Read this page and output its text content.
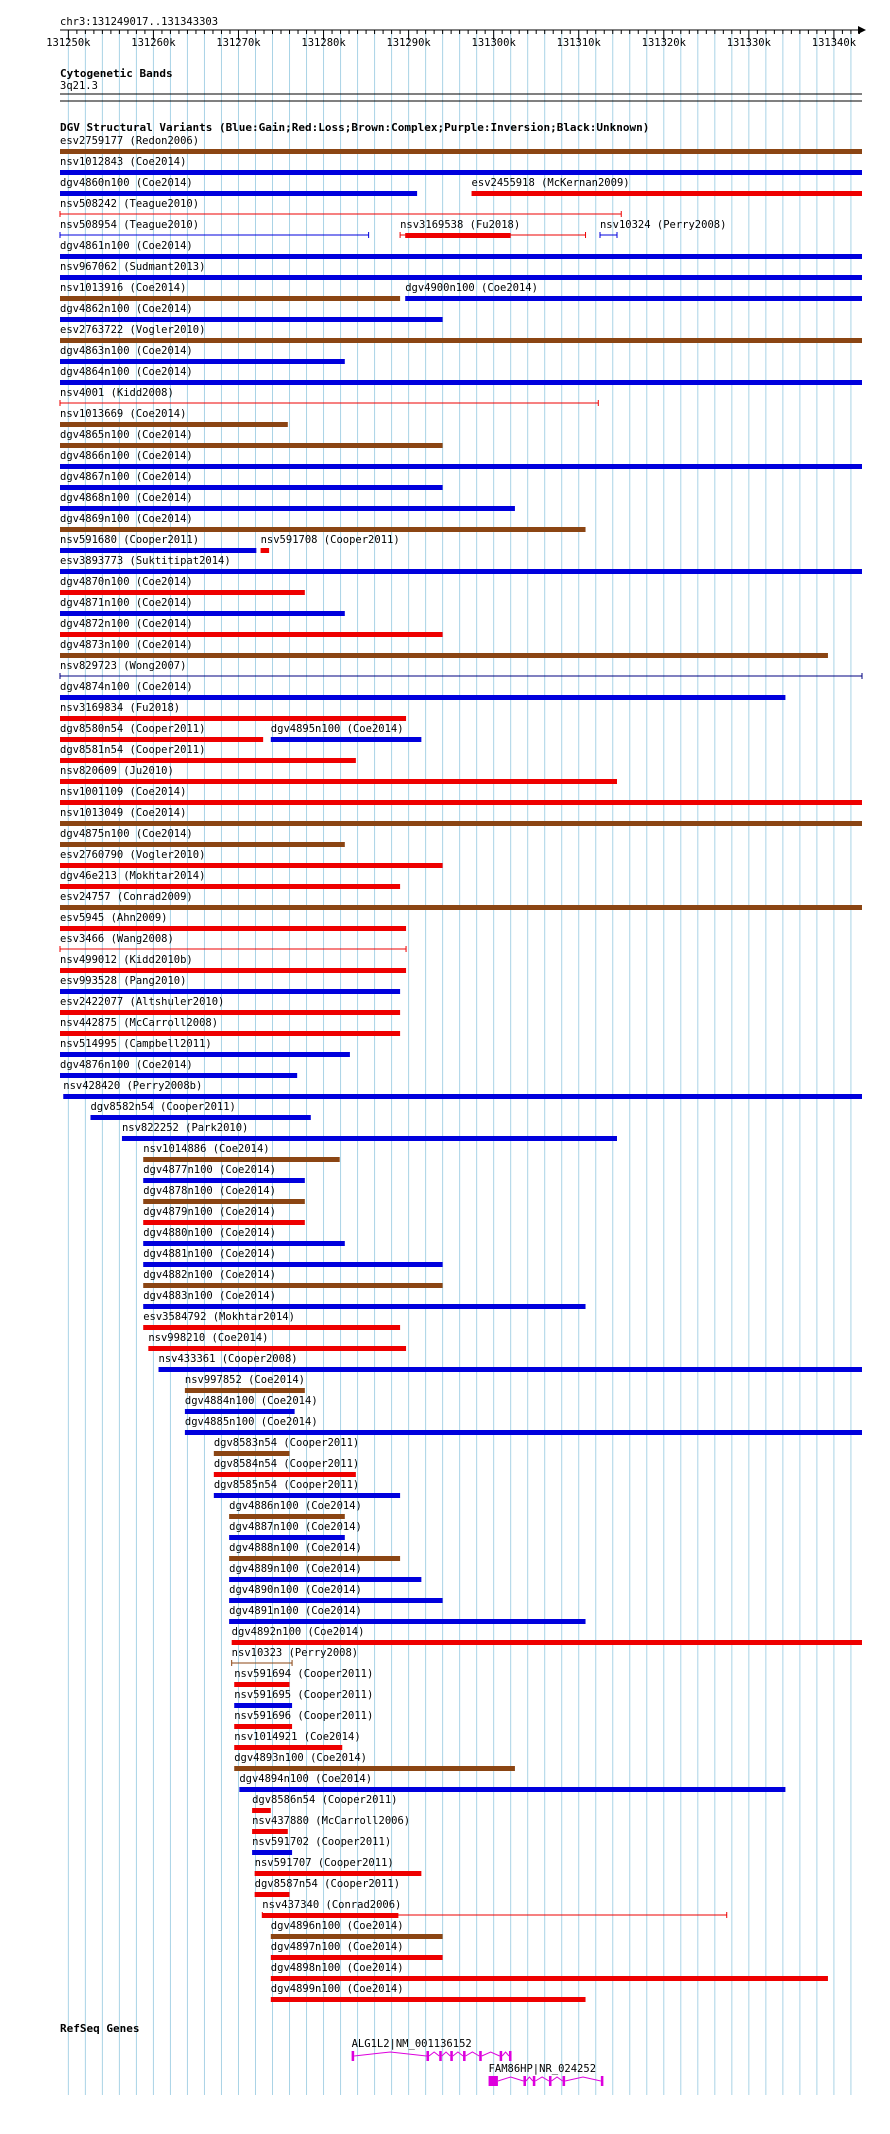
chr3:131249017..131343303
131250k	131260k	131270k	131280k	131290k	131300k	131310k	131320k	131330k	131340k
Cytogenetic Bands
3q21.3
DGV Structural Variants (Blue:Gain;Red:Loss;Brown:Complex;Purple:Inversion;Black:Unknown)
esv2759177 (Redon2006)
nsv1012843 (Coe2014)
dgv4860n100 (Coe2014)	esv2455918 (McKernan2009)
nsv508242 (Teague2010)
nsv508954 (Teague2010)	nsv3169538 (Fu2018)	nsv10324 (Perry2008)
dgv4861n100 (Coe2014)
nsv967062 (Sudmant2013)
nsv1013916 (Coe2014)	dgv4900n100 (Coe2014)
dgv4862n100 (Coe2014)
esv2763722 (Vogler2010)
dgv4863n100 (Coe2014)
dgv4864n100 (Coe2014)
nsv4001 (Kidd2008)
nsv1013669 (Coe2014)
dgv4865n100 (Coe2014)
dgv4866n100 (Coe2014)
dgv4867n100 (Coe2014)
dgv4868n100 (Coe2014)
dgv4869n100 (Coe2014)
nsv591680 (Cooper2011)	nsv591708 (Cooper2011)
esv3893773 (Suktitipat2014)
dgv4870n100 (Coe2014)
dgv4871n100 (Coe2014)
dgv4872n100 (Coe2014)
dgv4873n100 (Coe2014)
nsv829723 (Wong2007)
dgv4874n100 (Coe2014)
nsv3169834 (Fu2018)
dgv8580n54 (Cooper2011)	dgv4895n100 (Coe2014)
dgv8581n54 (Cooper2011)
nsv820609 (Ju2010)
nsv1001109 (Coe2014)
nsv1013049 (Coe2014)
dgv4875n100 (Coe2014)
esv2760790 (Vogler2010)
dgv46e213 (Mokhtar2014)
esv24757 (Conrad2009)
esv5945 (Ahn2009)
esv3466 (Wang2008)
nsv499012 (Kidd2010b)
esv993528 (Pang2010)
esv2422077 (Altshuler2010)
nsv442875 (McCarroll2008)
nsv514995 (Campbell2011)
dgv4876n100 (Coe2014)
nsv428420 (Perry2008b)
dgv8582n54 (Cooper2011)
nsv822252 (Park2010)
nsv1014886 (Coe2014)
dgv4877n100 (Coe2014)
dgv4878n100 (Coe2014)
dgv4879n100 (Coe2014)
dgv4880n100 (Coe2014)
dgv4881n100 (Coe2014)
dgv4882n100 (Coe2014)
dgv4883n100 (Coe2014)
esv3584792 (Mokhtar2014)
nsv998210 (Coe2014)
nsv433361 (Cooper2008)
nsv997852 (Coe2014)
dgv4884n100 (Coe2014)
dgv4885n100 (Coe2014)
dgv8583n54 (Cooper2011)
dgv8584n54 (Cooper2011)
dgv8585n54 (Cooper2011)
dgv4886n100 (Coe2014)
dgv4887n100 (Coe2014)
dgv4888n100 (Coe2014)
dgv4889n100 (Coe2014)
dgv4890n100 (Coe2014)
dgv4891n100 (Coe2014)
dgv4892n100 (Coe2014)
nsv10323 (Perry2008)
nsv591694 (Cooper2011)
nsv591695 (Cooper2011)
nsv591696 (Cooper2011)
nsv1014921 (Coe2014)
dgv4893n100 (Coe2014)
dgv4894n100 (Coe2014)
dgv8586n54 (Cooper2011)
nsv437880 (McCarroll2006)
nsv591702 (Cooper2011)
nsv591707 (Cooper2011)
dgv8587n54 (Cooper2011)
nsv437340 (Conrad2006)
dgv4896n100 (Coe2014)
dgv4897n100 (Coe2014)
dgv4898n100 (Coe2014)
dgv4899n100 (Coe2014)
RefSeq Genes
ALG1L2|NM_001136152
FAM86HP|NR_024252
